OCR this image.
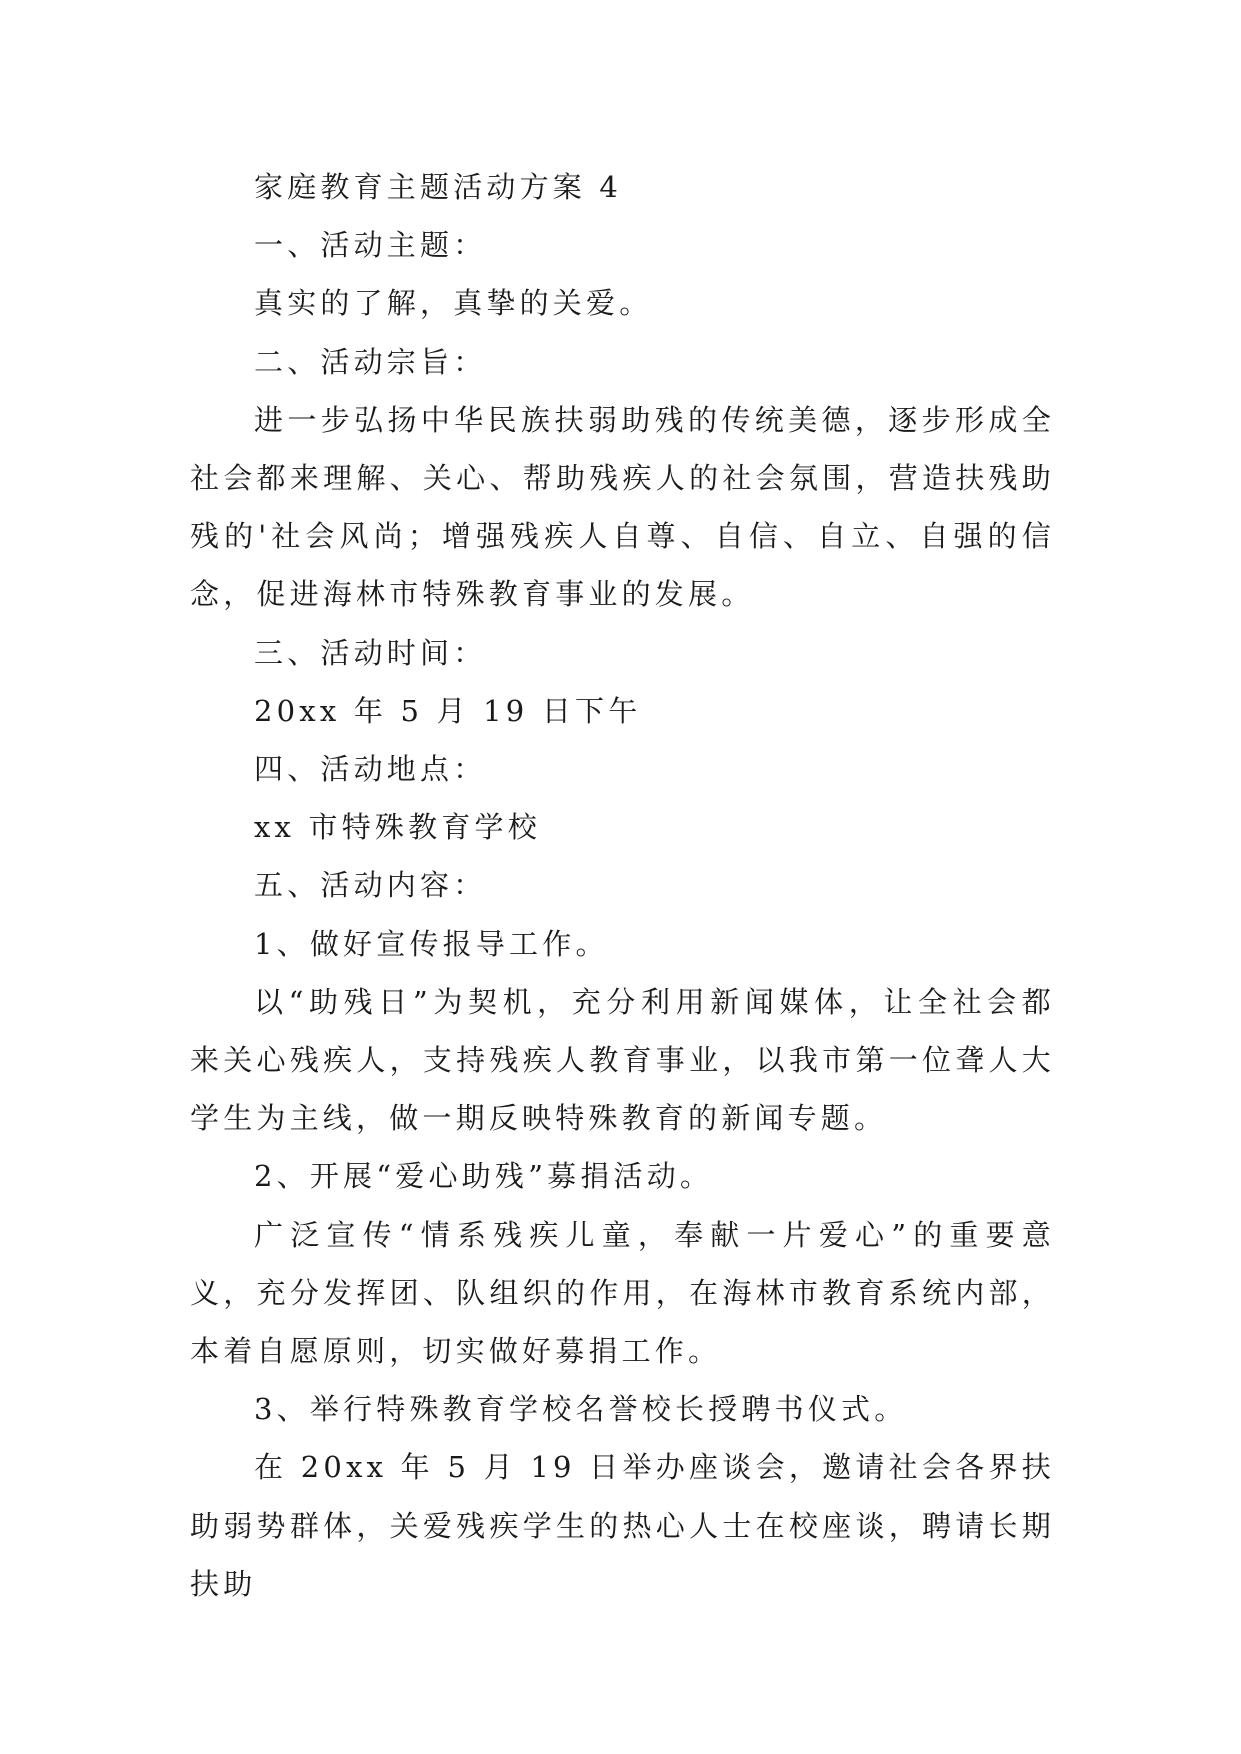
家庭教育主题活动方案 4

一、活动主题：

真实的了解，真挚的关爱。

二、活动宗旨：

进一步弘扬中华民族扶弱助残的传统美德，逐步形成全社会都来理解、关心、帮助残疾人的社会氛围，营造扶残助残的'社会风尚；增强残疾人自尊、自信、自立、自强的信念，促进海林市特殊教育事业的发展。

三、活动时间：

20xx 年 5 月 19 日下午

四、活动地点：

xx 市特殊教育学校

五、活动内容：

1、做好宣传报导工作。

以“助残日”为契机，充分利用新闻媒体，让全社会都来关心残疾人，支持残疾人教育事业，以我市第一位聋人大学生为主线，做一期反映特殊教育的新闻专题。

2、开展“爱心助残”募捐活动。

广泛宣传“情系残疾儿童，奉献一片爱心”的重要意义，充分发挥团、队组织的作用，在海林市教育系统内部，本着自愿原则，切实做好募捐工作。

3、举行特殊教育学校名誉校长授聘书仪式。

在 20xx 年 5 月 19 日举办座谈会，邀请社会各界扶助弱势群体，关爱残疾学生的热心人士在校座谈，聘请长期扶助
